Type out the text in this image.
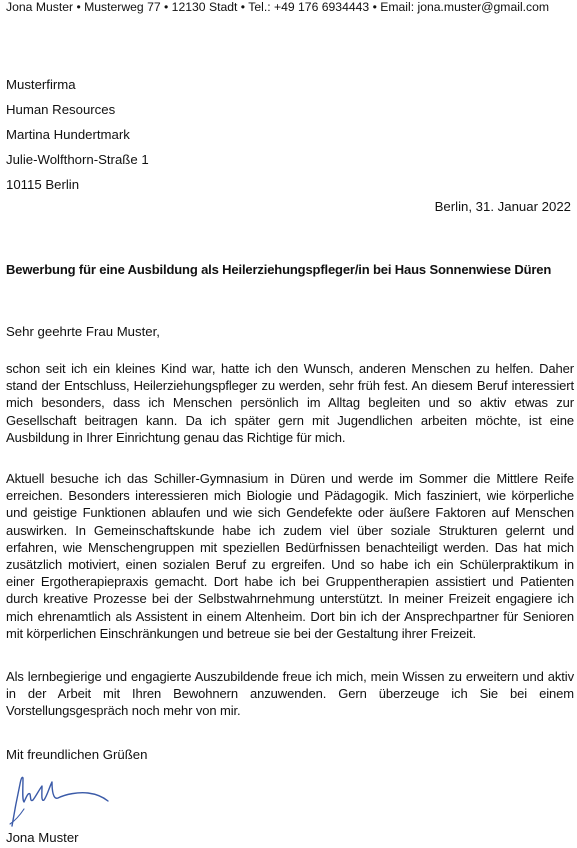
Jona Muster • Musterweg 77 • 12130 Stadt • Tel.: +49 176 6934443 • Email: jona.muster@gmail.com
Musterfirma
Human Resources
Martina Hundertmark
Julie-Wolfthorn-Straße 1
10115 Berlin
Berlin, 31. Januar 2022
Bewerbung für eine Ausbildung als Heilerziehungspfleger/in bei Haus Sonnenwiese Düren
Sehr geehrte Frau Muster,
schon seit ich ein kleines Kind war, hatte ich den Wunsch, anderen Menschen zu helfen. Daher stand der Entschluss, Heilerziehungspfleger zu werden, sehr früh fest. An diesem Beruf interessiert mich besonders, dass ich Menschen persönlich im Alltag begleiten und so aktiv etwas zur Gesellschaft beitragen kann. Da ich später gern mit Jugendlichen arbeiten möchte, ist eine Ausbildung in Ihrer Einrichtung genau das Richtige für mich.
Aktuell besuche ich das Schiller-Gymnasium in Düren und werde im Sommer die Mittlere Reife erreichen. Besonders interessieren mich Biologie und Pädagogik. Mich fasziniert, wie körperliche und geistige Funktionen ablaufen und wie sich Gendefekte oder äußere Faktoren auf Menschen auswirken. In Gemeinschaftskunde habe ich zudem viel über soziale Strukturen gelernt und erfahren, wie Menschengruppen mit speziellen Bedürfnissen benachteiligt werden. Das hat mich zusätzlich motiviert, einen sozialen Beruf zu ergreifen. Und so habe ich ein Schülerpraktikum in einer Ergotherapiepraxis gemacht. Dort habe ich bei Gruppentherapien assistiert und Patienten durch kreative Prozesse bei der Selbstwahrnehmung unterstützt. In meiner Freizeit engagiere ich mich ehrenamtlich als Assistent in einem Altenheim. Dort bin ich der Ansprechpartner für Senioren mit körperlichen Einschränkungen und betreue sie bei der Gestaltung ihrer Freizeit.
Als lernbegierige und engagierte Auszubildende freue ich mich, mein Wissen zu erweitern und aktiv in der Arbeit mit Ihren Bewohnern anzuwenden. Gern überzeuge ich Sie bei einem Vorstellungsgespräch noch mehr von mir.
Mit freundlichen Grüßen
Jona Muster
